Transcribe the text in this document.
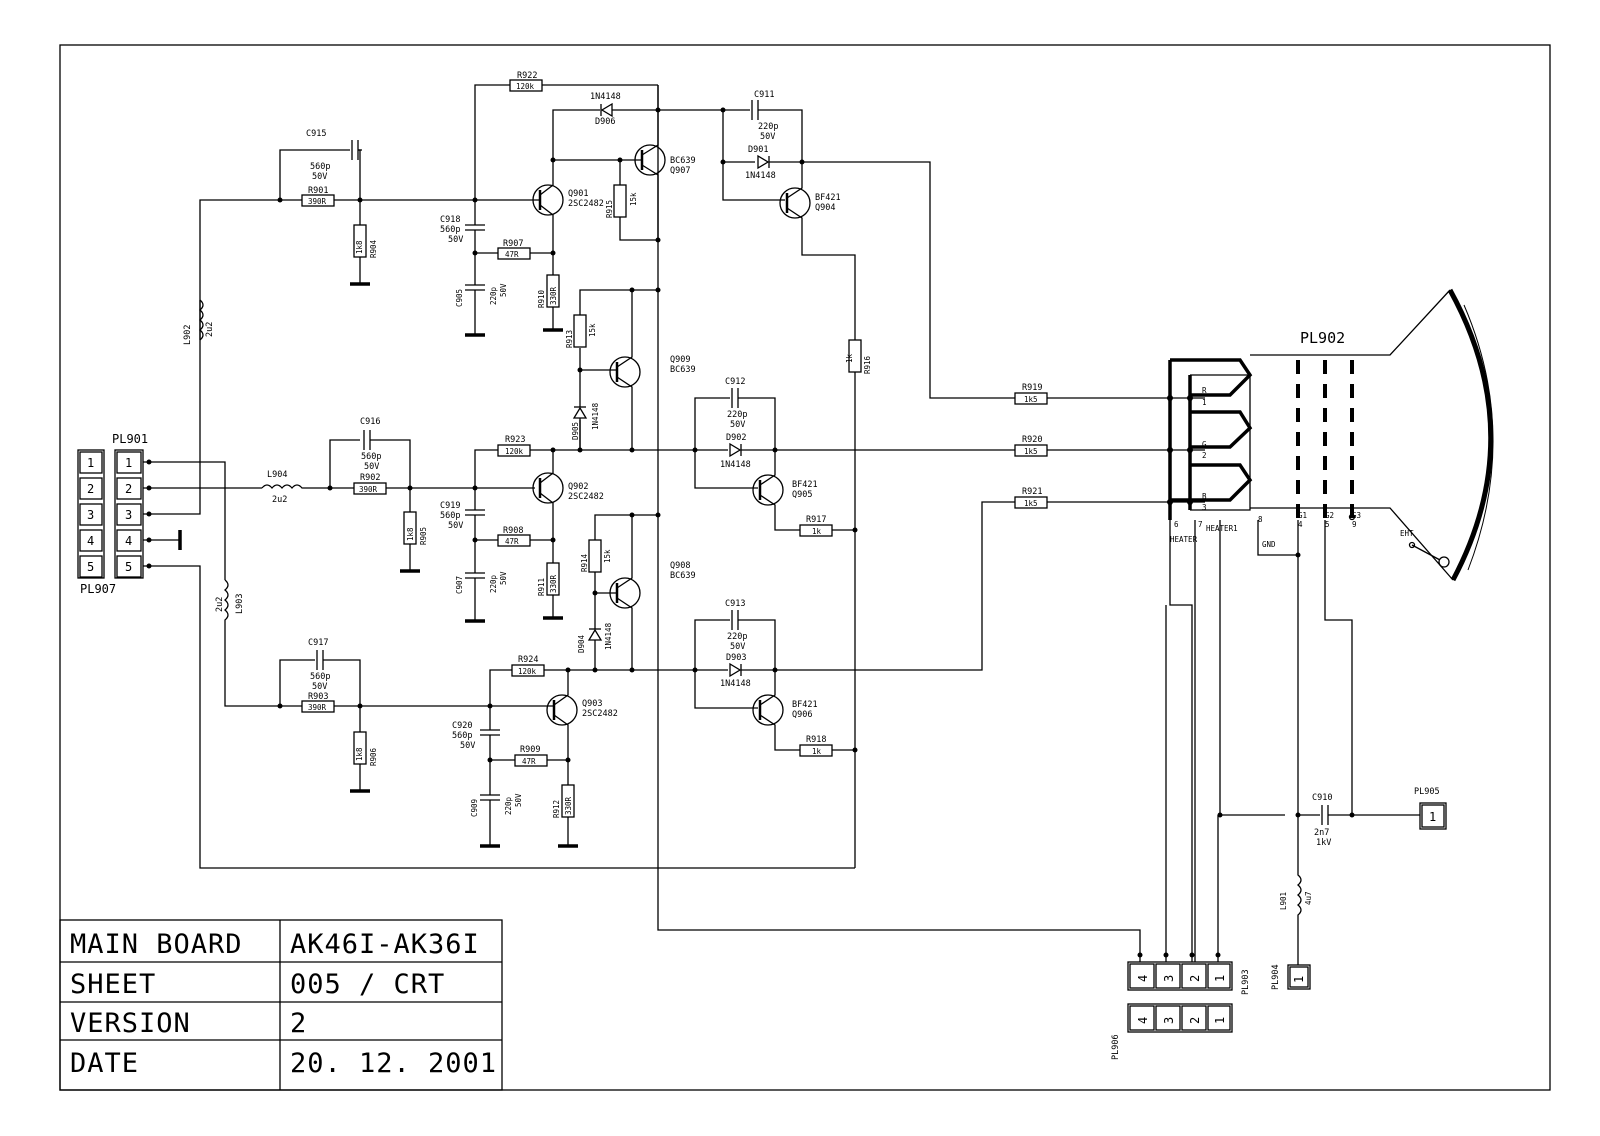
1
2
3
4
5
PL907
1
2
3
4
5
PL901
L902 2u2
2u2 L903
L904
2u2
C915
560p
50V
R901
390R
1k8 R904
R922
120k
C918
560p
50V	R907
47R
C905	220p 50V	R910 330R
Q901
2SC2482
1N4148
D906
BC639
Q907
R915
15k
C911
220p
50V
D901
1N4148
BF421
Q904
1k R916
R919
1k5
C916
560p
50V
R902
390R
1k8 R905
R923
120k
C919
560p
50V	R908
47R
C907	220p 50V	R911 330R
Q902
2SC2482
D905
1N4148
R913 15k
Q909
BC639
C912
220p
50V
D902
1N4148
BF421
Q905
R917
1k
R920
1k5
C917
560p
50V
R903
390R
1k8 R906
R924
120k
C920
560p
50V	R909
47R
C909	220p 50V	R912 330R
Q903
2SC2482
D904 1N4148
R914 15k
Q908
BC639
C913
220p
50V
D903
1N4148
BF421
Q906
R918
1k
R921
1k5
PL902
EHT
R
1
G
2
B
3
6	7
8
4	5	9
G1 G2 G3
HEATER
HEATER1
GND
C910
2n7
1kV
1
PL905
L901 4u7
1
PL904
4 3 2 1 PL903
4 3 2 1
PL906
MAIN BOARD AK46I-AK36I
SHEET	005 / CRT
VERSION	2
DATE	20. 12. 2001
